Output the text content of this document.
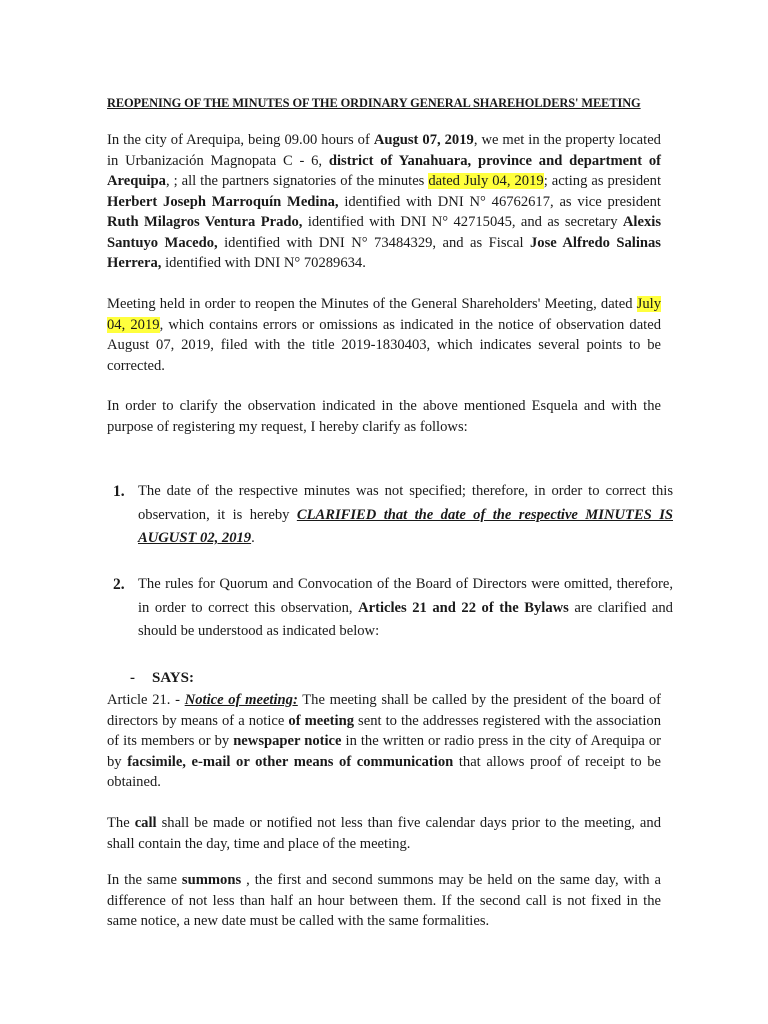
REOPENING OF THE MINUTES OF THE ORDINARY GENERAL SHAREHOLDERS' MEETING

In the city of Arequipa, being 09.00 hours of August 07, 2019, we met in the property located in Urbanización Magnopata C - 6, district of Yanahuara, province and department of Arequipa, ; all the partners signatories of the minutes dated July 04, 2019; acting as president Herbert Joseph Marroquín Medina, identified with DNI N° 46762617, as vice president Ruth Milagros Ventura Prado, identified with DNI N° 42715045, and as secretary Alexis Santuyo Macedo, identified with DNI N° 73484329, and as Fiscal Jose Alfredo Salinas Herrera, identified with DNI N° 70289634.

Meeting held in order to reopen the Minutes of the General Shareholders' Meeting, dated July 04, 2019, which contains errors or omissions as indicated in the notice of observation dated August 07, 2019, filed with the title 2019-1830403, which indicates several points to be corrected.

In order to clarify the observation indicated in the above mentioned Esquela and with the purpose of registering my request, I hereby clarify as follows:

1. The date of the respective minutes was not specified; therefore, in order to correct this observation, it is hereby CLARIFIED that the date of the respective MINUTES IS AUGUST 02, 2019.
2. The rules for Quorum and Convocation of the Board of Directors were omitted, therefore, in order to correct this observation, Articles 21 and 22 of the Bylaws are clarified and should be understood as indicated below:
- SAYS:

Article 21. - Notice of meeting: The meeting shall be called by the president of the board of directors by means of a notice of meeting sent to the addresses registered with the association of its members or by newspaper notice in the written or radio press in the city of Arequipa or by facsimile, e-mail or other means of communication that allows proof of receipt to be obtained.

The call shall be made or notified not less than five calendar days prior to the meeting, and shall contain the day, time and place of the meeting.

In the same summons , the first and second summons may be held on the same day, with a difference of not less than half an hour between them. If the second call is not fixed in the same notice, a new date must be called with the same formalities.
